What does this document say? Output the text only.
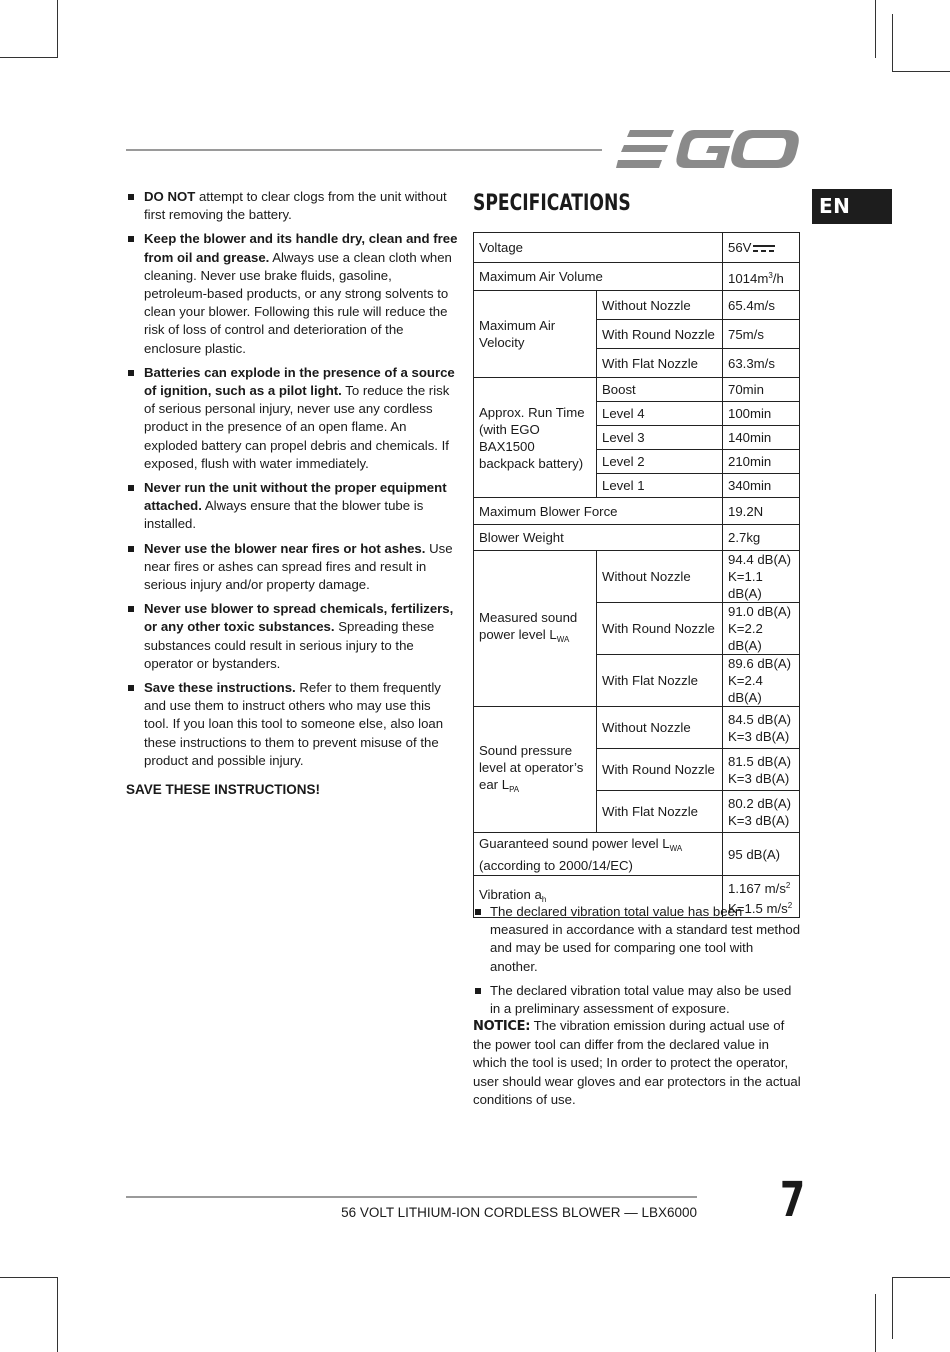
EN
DO NOT attempt to clear clogs from the unit without first removing the battery.
Keep the blower and its handle dry, clean and free from oil and grease. Always use a clean cloth when cleaning. Never use brake fluids, gasoline, petroleum-based products, or any strong solvents to clean your blower. Following this rule will reduce the risk of loss of control and deterioration of the enclosure plastic.
Batteries can explode in the presence of a source of ignition, such as a pilot light. To reduce the risk of serious personal injury, never use any cordless product in the presence of an open flame. An exploded battery can propel debris and chemicals. If exposed, flush with water immediately.
Never run the unit without the proper equipment attached. Always ensure that the blower tube is installed.
Never use the blower near fires or hot ashes. Use near fires or ashes can spread fires and result in serious injury and/or property damage.
Never use blower to spread chemicals, fertilizers, or any other toxic substances. Spreading these substances could result in serious injury to the operator or bystanders.
Save these instructions. Refer to them frequently and use them to instruct others who may use this tool. If you loan this tool to someone else, also loan these instructions to them to prevent misuse of the product and possible injury.
SAVE THESE INSTRUCTIONS!
SPECIFICATIONS
Voltage		56V

Maximum Air Volume		$1014m^3/h$
Maximum Air Velocity	Without Nozzle	65.4m/s
	With Round Nozzle	75m/s
	With Flat Nozzle	63.3m/s
Approx. Run Time (with EGO BAX1500 backpack battery)	Boost	70min
	Level 4	100min
	Level 3	140min
	Level 2	210min
	Level 1	340min
Maximum Blower Force		19.2N
Blower Weight		2.7kg
Measured sound power level $L_{WA}$	Without Nozzle	94.4 dB(A)
K=1.1 dB(A)

	With Round Nozzle	91.0 dB(A)
K=2.2 dB(A)

	With Flat Nozzle	89.6 dB(A)
K=2.4 dB(A)

Sound pressure level at operator’s ear $L_{PA}$	Without Nozzle	84.5 dB(A)
K=3 dB(A)

	With Round Nozzle	81.5 dB(A)
K=3 dB(A)

	With Flat Nozzle	80.2 dB(A)
K=3 dB(A)

Guaranteed sound power level $L_{WA}$
(according to 2000/14/EC)		95 dB(A)
Vibration $a_h$		1.167 $m/s^2$
K=1.5 $m/s^2$
The declared vibration total value has been measured in accordance with a standard test method and may be used for comparing one tool with another.
The declared vibration total value may also be used in a preliminary assessment of exposure.
NOTICE: The vibration emission during actual use of the power tool can differ from the declared value in which the tool is used; In order to protect the operator, user should wear gloves and ear protectors in the actual conditions of use.
56 VOLT LITHIUM-ION CORDLESS BLOWER — LBX6000 7
